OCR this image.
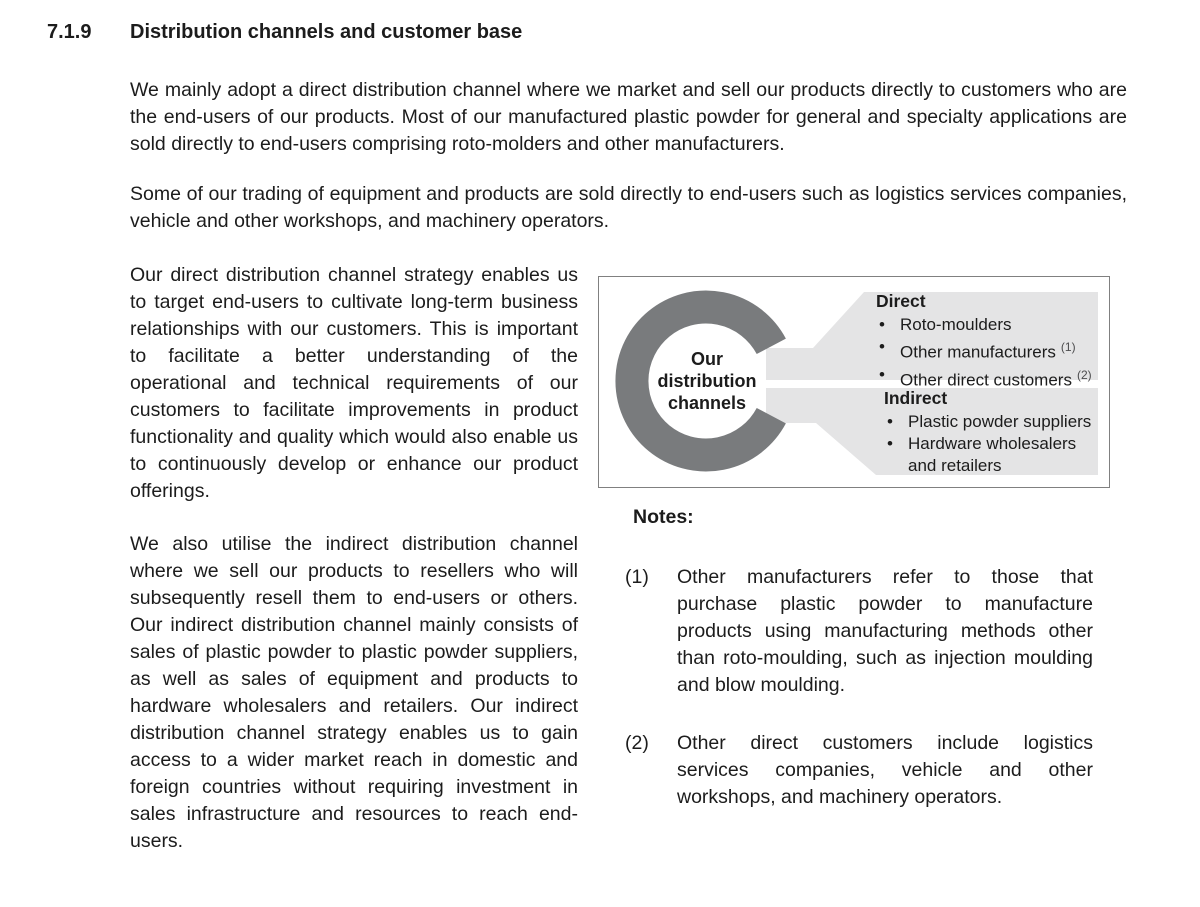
7.1.9 Distribution channels and customer base

We mainly adopt a direct distribution channel where we market and sell our products directly to customers who are the end-users of our products. Most of our manufactured plastic powder for general and specialty applications are sold directly to end-users comprising roto-molders and other manufacturers.

Some of our trading of equipment and products are sold directly to end-users such as logistics services companies, vehicle and other workshops, and machinery operators.

Our distribution channels
Direct
• Roto-moulders
• Other manufacturers $^{(1)}$
• Other direct customers $^{(2)}$
Indirect
• Plastic powder suppliers
• Hardware wholesalers and retailers
Notes:
(1)	Other manufacturers refer to those that purchase plastic powder to manufacture products using manufacturing methods other than roto-moulding, such as injection moulding and blow moulding.
(2)	Other direct customers include logistics services companies, vehicle and other workshops, and machinery operators.

Our direct distribution channel strategy enables us to target end-users to cultivate long-term business relationships with our customers. This is important to facilitate a better understanding of the operational and technical requirements of our customers to facilitate improvements in product functionality and quality which would also enable us to continuously develop or enhance our product offerings.

We also utilise the indirect distribution channel where we sell our products to resellers who will subsequently resell them to end-users or others. Our indirect distribution channel mainly consists of sales of plastic powder to plastic powder suppliers, as well as sales of equipment and products to hardware wholesalers and retailers. Our indirect distribution channel strategy enables us to gain access to a wider market reach in domestic and foreign countries without requiring investment in sales infrastructure and resources to reach end-users.
